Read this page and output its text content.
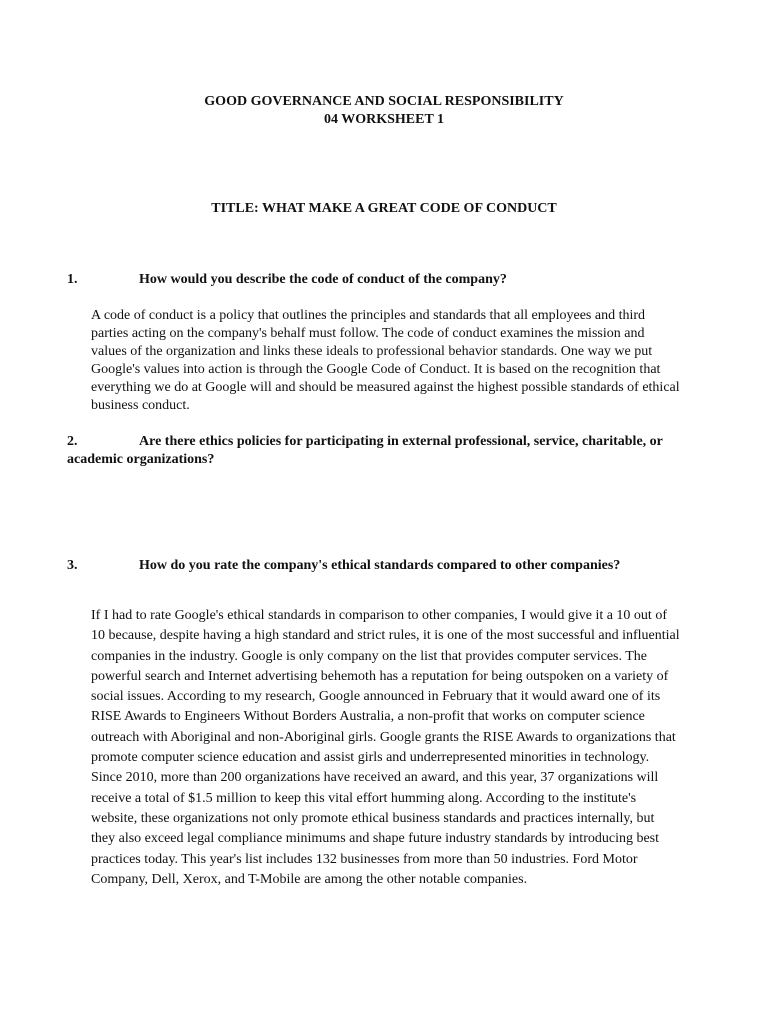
GOOD GOVERNANCE AND SOCIAL RESPONSIBILITY
04 WORKSHEET 1
TITLE: WHAT MAKE A GREAT CODE OF CONDUCT
1.	How would you describe the code of conduct of the company?

A code of conduct is a policy that outlines the principles and standards that all employees and third parties acting on the company's behalf must follow. The code of conduct examines the mission and values of the organization and links these ideals to professional behavior standards. One way we put Google's values into action is through the Google Code of Conduct. It is based on the recognition that everything we do at Google will and should be measured against the highest possible standards of ethical business conduct.

2.	Are there ethics policies for participating in external professional, service, charitable, or academic organizations?
3.	How do you rate the company's ethical standards compared to other companies?

If I had to rate Google's ethical standards in comparison to other companies, I would give it a 10 out of 10 because, despite having a high standard and strict rules, it is one of the most successful and influential companies in the industry. Google is only company on the list that provides computer services. The powerful search and Internet advertising behemoth has a reputation for being outspoken on a variety of social issues. According to my research, Google announced in February that it would award one of its RISE Awards to Engineers Without Borders Australia, a non-profit that works on computer science outreach with Aboriginal and non-Aboriginal girls. Google grants the RISE Awards to organizations that promote computer science education and assist girls and underrepresented minorities in technology. Since 2010, more than 200 organizations have received an award, and this year, 37 organizations will receive a total of $1.5 million to keep this vital effort humming along. According to the institute's website, these organizations not only promote ethical business standards and practices internally, but they also exceed legal compliance minimums and shape future industry standards by introducing best practices today. This year's list includes 132 businesses from more than 50 industries. Ford Motor Company, Dell, Xerox, and T-Mobile are among the other notable companies.
